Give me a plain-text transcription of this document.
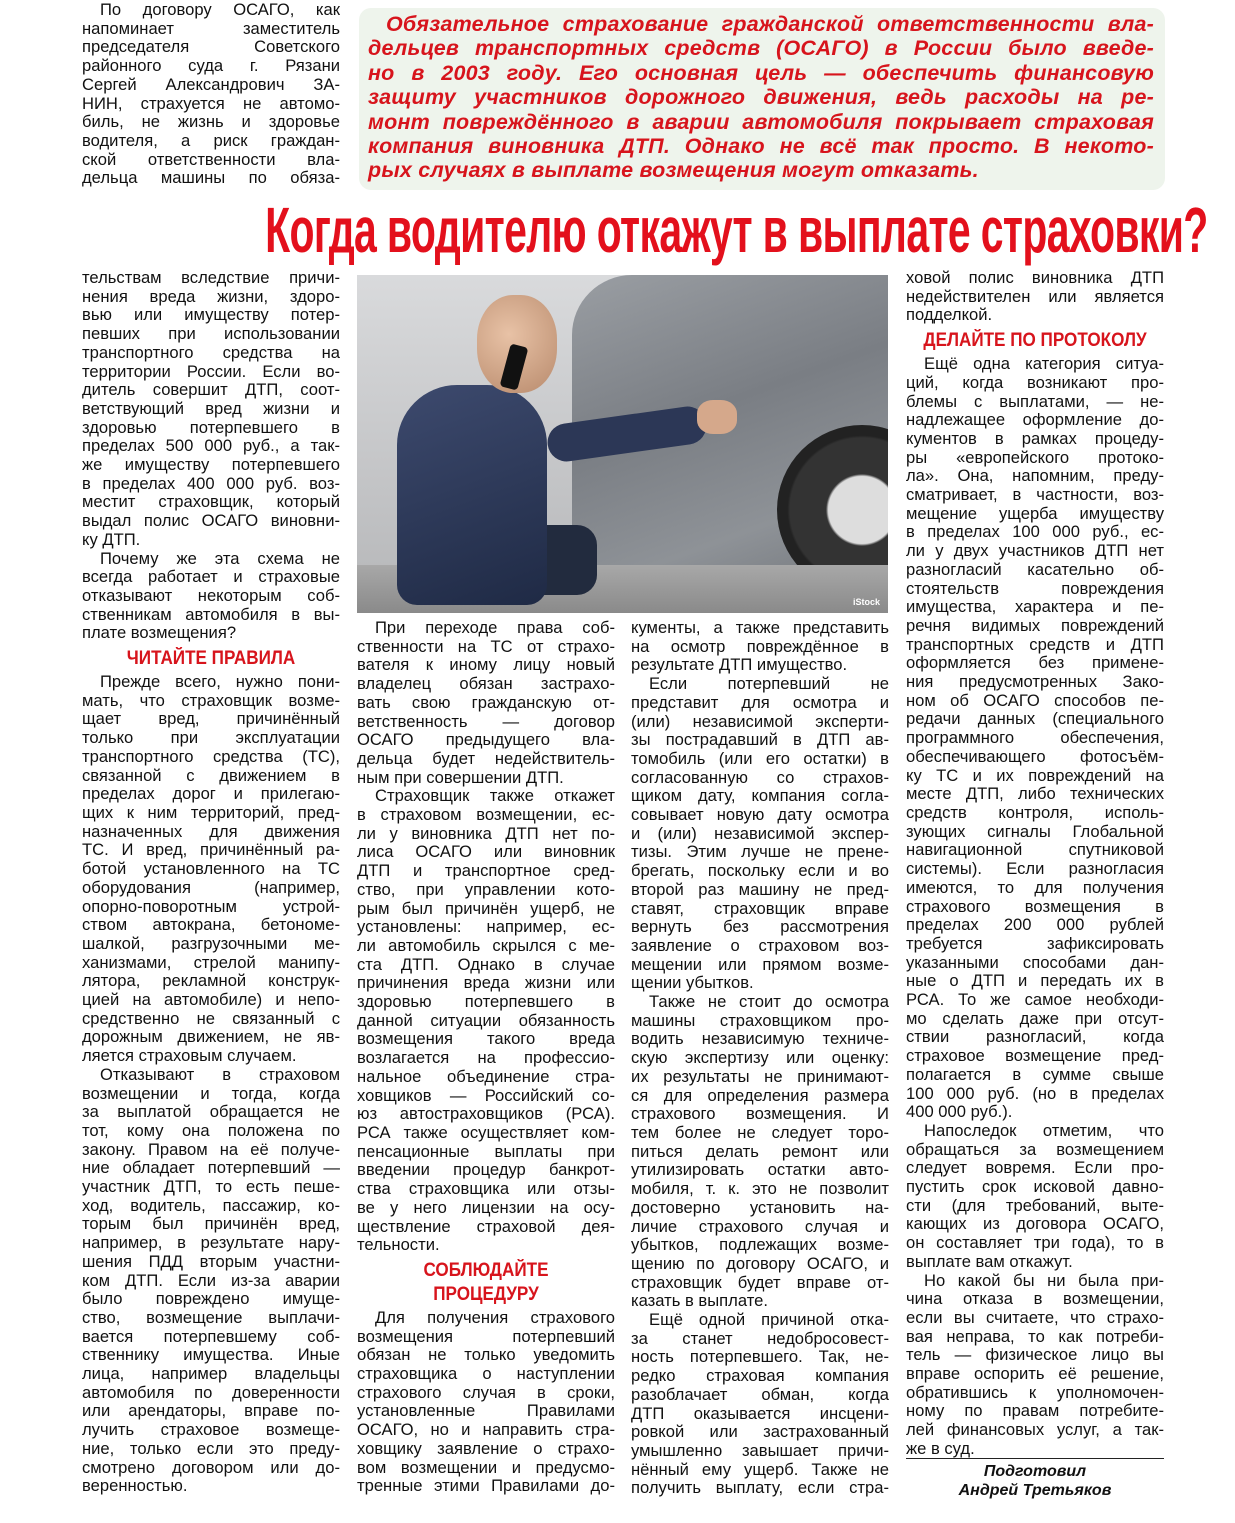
По договору ОСАГО, как
напоминает заместитель
председателя Советского
районного суда г. Рязани
Сергей Александрович ЗА-
НИН, страхуется не автомо-
биль, не жизнь и здоровье
водителя, а риск граждан-
ской ответственности вла-
дельца машины по обяза-
Обязательное страхование гражданской ответственности вла-
дельцев транспортных средств (ОСАГО) в России было введе-
но в 2003 году. Его основная цель — обеспечить финансовую
защиту участников дорожного движения, ведь расходы на ре-
монт повреждённого в аварии автомобиля покрывает страховая
компания виновника ДТП. Однако не всё так просто. В некото-
рых случаях в выплате возмещения могут отказать.
Когда водителю откажут в выплате страховки?
iStock
тельствам вследствие причи-
нения вреда жизни, здоро-
вью или имуществу потер-
певших при использовании
транспортного средства на
территории России. Если во-
дитель совершит ДТП, соот-
ветствующий вред жизни и
здоровью потерпевшего в
пределах 500 000 руб., а так-
же имуществу потерпевшего
в пределах 400 000 руб. воз-
местит страховщик, который
выдал полис ОСАГО виновни-
ку ДТП.
Почему же эта схема не
всегда работает и страховые
отказывают некоторым соб-
ственникам автомобиля в вы-
плате возмещения?
ЧИТАЙТЕ ПРАВИЛА
Прежде всего, нужно пони-
мать, что страховщик возме-
щает вред, причинённый
только при эксплуатации
транспортного средства (ТС),
связанной с движением в
пределах дорог и прилегаю-
щих к ним территорий, пред-
назначенных для движения
ТС. И вред, причинённый ра-
ботой установленного на ТС
оборудования (например,
опорно-поворотным устрой-
ством автокрана, бетономе-
шалкой, разгрузочными ме-
ханизмами, стрелой манипу-
лятора, рекламной конструк-
цией на автомобиле) и непо-
средственно не связанный с
дорожным движением, не яв-
ляется страховым случаем.
Отказывают в страховом
возмещении и тогда, когда
за выплатой обращается не
тот, кому она положена по
закону. Правом на её получе-
ние обладает потерпевший —
участник ДТП, то есть пеше-
ход, водитель, пассажир, ко-
торым был причинён вред,
например, в результате нару-
шения ПДД вторым участни-
ком ДТП. Если из-за аварии
было повреждено имуще-
ство, возмещение выплачи-
вается потерпевшему соб-
ственнику имущества. Иные
лица, например владельцы
автомобиля по доверенности
или арендаторы, вправе по-
лучить страховое возмеще-
ние, только если это преду-
смотрено договором или до-
веренностью.
При переходе права соб-
ственности на ТС от страхо-
вателя к иному лицу новый
владелец обязан застрахо-
вать свою гражданскую от-
ветственность — договор
ОСАГО предыдущего вла-
дельца будет недействитель-
ным при совершении ДТП.
Страховщик также откажет
в страховом возмещении, ес-
ли у виновника ДТП нет по-
лиса ОСАГО или виновник
ДТП и транспортное сред-
ство, при управлении кото-
рым был причинён ущерб, не
установлены: например, ес-
ли автомобиль скрылся с ме-
ста ДТП. Однако в случае
причинения вреда жизни или
здоровью потерпевшего в
данной ситуации обязанность
возмещения такого вреда
возлагается на профессио-
нальное объединение стра-
ховщиков — Российский со-
юз автостраховщиков (РСА).
РСА также осуществляет ком-
пенсационные выплаты при
введении процедур банкрот-
ства страховщика или отзы-
ве у него лицензии на осу-
ществление страховой дея-
тельности.
СОБЛЮДАЙТЕ
ПРОЦЕДУРУ
Для получения страхового
возмещения потерпевший
обязан не только уведомить
страховщика о наступлении
страхового случая в сроки,
установленные Правилами
ОСАГО, но и направить стра-
ховщику заявление о страхо-
вом возмещении и предусмо-
тренные этими Правилами до-
кументы, а также представить
на осмотр повреждённое в
результате ДТП имущество.
Если потерпевший не
представит для осмотра и
(или) независимой эксперти-
зы пострадавший в ДТП ав-
томобиль (или его остатки) в
согласованную со страхов-
щиком дату, компания согла-
совывает новую дату осмотра
и (или) независимой экспер-
тизы. Этим лучше не прене-
брегать, поскольку если и во
второй раз машину не пред-
ставят, страховщик вправе
вернуть без рассмотрения
заявление о страховом воз-
мещении или прямом возме-
щении убытков.
Также не стоит до осмотра
машины страховщиком про-
водить независимую техниче-
скую экспертизу или оценку:
их результаты не принимают-
ся для определения размера
страхового возмещения. И
тем более не следует торо-
питься делать ремонт или
утилизировать остатки авто-
мобиля, т. к. это не позволит
достоверно установить на-
личие страхового случая и
убытков, подлежащих возме-
щению по договору ОСАГО, и
страховщик будет вправе от-
казать в выплате.
Ещё одной причиной отка-
за станет недобросовест-
ность потерпевшего. Так, не-
редко страховая компания
разоблачает обман, когда
ДТП оказывается инсцени-
ровкой или застрахованный
умышленно завышает причи-
нённый ему ущерб. Также не
получить выплату, если стра-
ховой полис виновника ДТП
недействителен или является
подделкой.
ДЕЛАЙТЕ ПО ПРОТОКОЛУ
Ещё одна категория ситуа-
ций, когда возникают про-
блемы с выплатами, — не-
надлежащее оформление до-
кументов в рамках процеду-
ры «европейского протоко-
ла». Она, напомним, преду-
сматривает, в частности, воз-
мещение ущерба имуществу
в пределах 100 000 руб., ес-
ли у двух участников ДТП нет
разногласий касательно об-
стоятельств повреждения
имущества, характера и пе-
речня видимых повреждений
транспортных средств и ДТП
оформляется без примене-
ния предусмотренных Зако-
ном об ОСАГО способов пе-
редачи данных (специального
программного обеспечения,
обеспечивающего фотосъём-
ку ТС и их повреждений на
месте ДТП, либо технических
средств контроля, исполь-
зующих сигналы Глобальной
навигационной спутниковой
системы). Если разногласия
имеются, то для получения
страхового возмещения в
пределах 200 000 рублей
требуется зафиксировать
указанными способами дан-
ные о ДТП и передать их в
РСА. То же самое необходи-
мо сделать даже при отсут-
ствии разногласий, когда
страховое возмещение пред-
полагается в сумме свыше
100 000 руб. (но в пределах
400 000 руб.).
Напоследок отметим, что
обращаться за возмещением
следует вовремя. Если про-
пустить срок исковой давно-
сти (для требований, выте-
кающих из договора ОСАГО,
он составляет три года), то в
выплате вам откажут.
Но какой бы ни была при-
чина отказа в возмещении,
если вы считаете, что страхо-
вая неправа, то как потреби-
тель — физическое лицо вы
вправе оспорить её решение,
обратившись к уполномочен-
ному по правам потребите-
лей финансовых услуг, а так-
же в суд.
Подготовил
Андрей Третьяков
